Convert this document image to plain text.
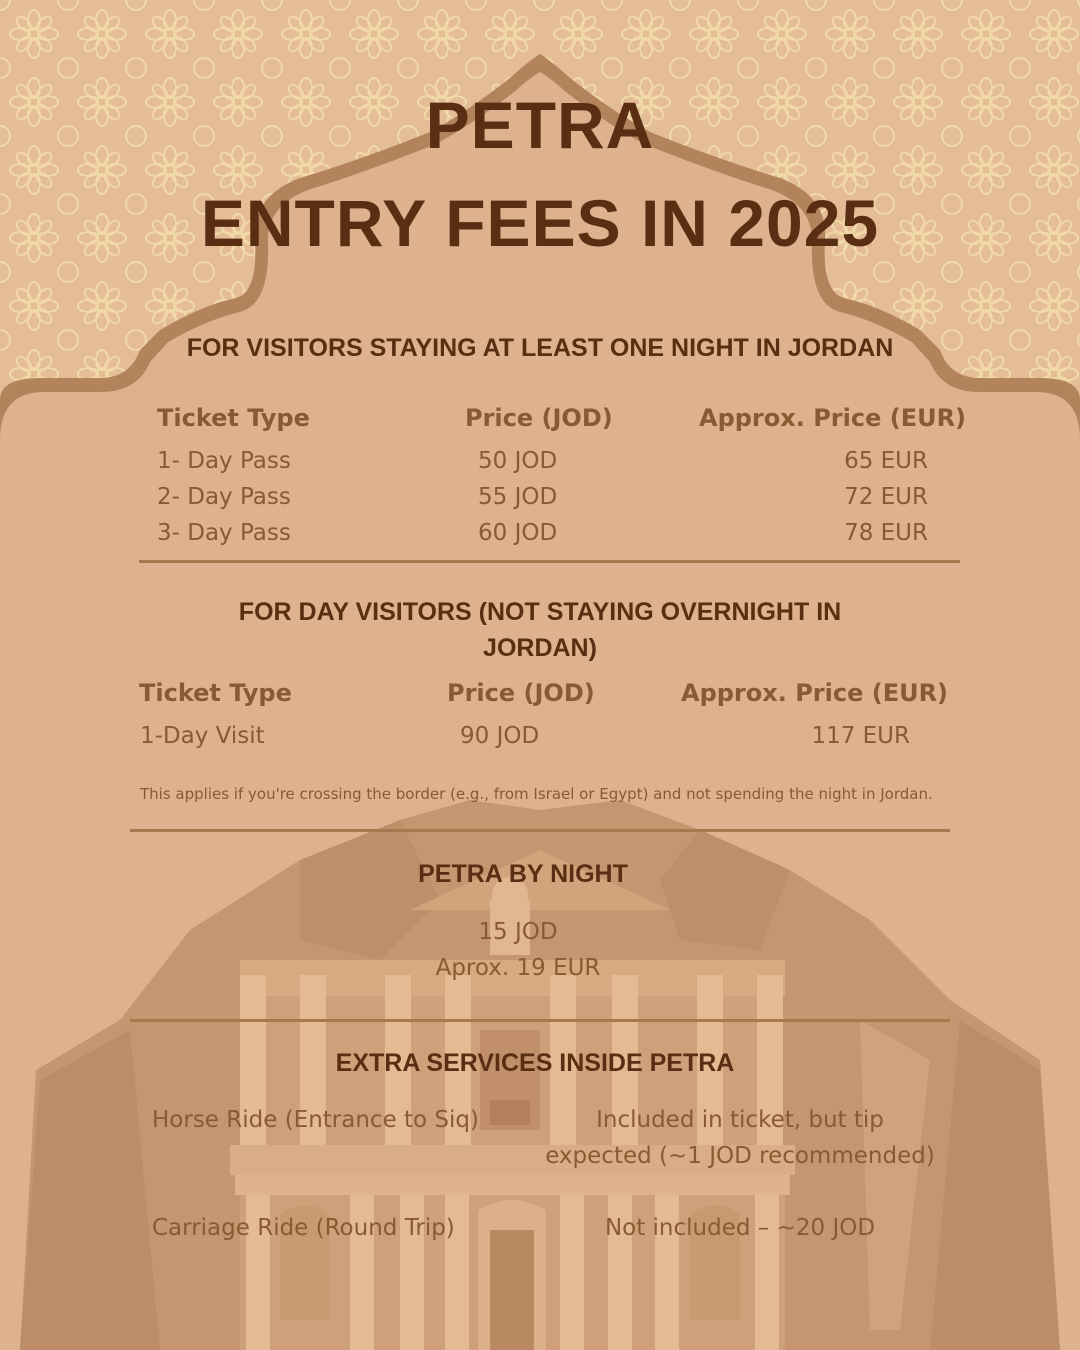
PETRA
ENTRY FEES IN 2025
FOR VISITORS STAYING AT LEAST ONE NIGHT IN JORDAN
Ticket Type	Price (JOD)	Approx. Price (EUR)
1- Day Pass	50 JOD	65 EUR
2- Day Pass	55 JOD	72 EUR
3- Day Pass	60 JOD	78 EUR
FOR DAY VISITORS (NOT STAYING OVERNIGHT IN
JORDAN)
Ticket Type	Price (JOD)	Approx. Price (EUR)
1-Day Visit	90 JOD	117 EUR

This applies if you're crossing the border (e.g., from Israel or Egypt) and not spending the night in Jordan.

PETRA BY NIGHT
15 JOD
Aprox. 19 EUR
EXTRA SERVICES INSIDE PETRA
Horse Ride (Entrance to Siq)	Included in ticket, but tip
expected (~1 JOD recommended)
Carriage Ride (Round Trip)	Not included – ~20 JOD
